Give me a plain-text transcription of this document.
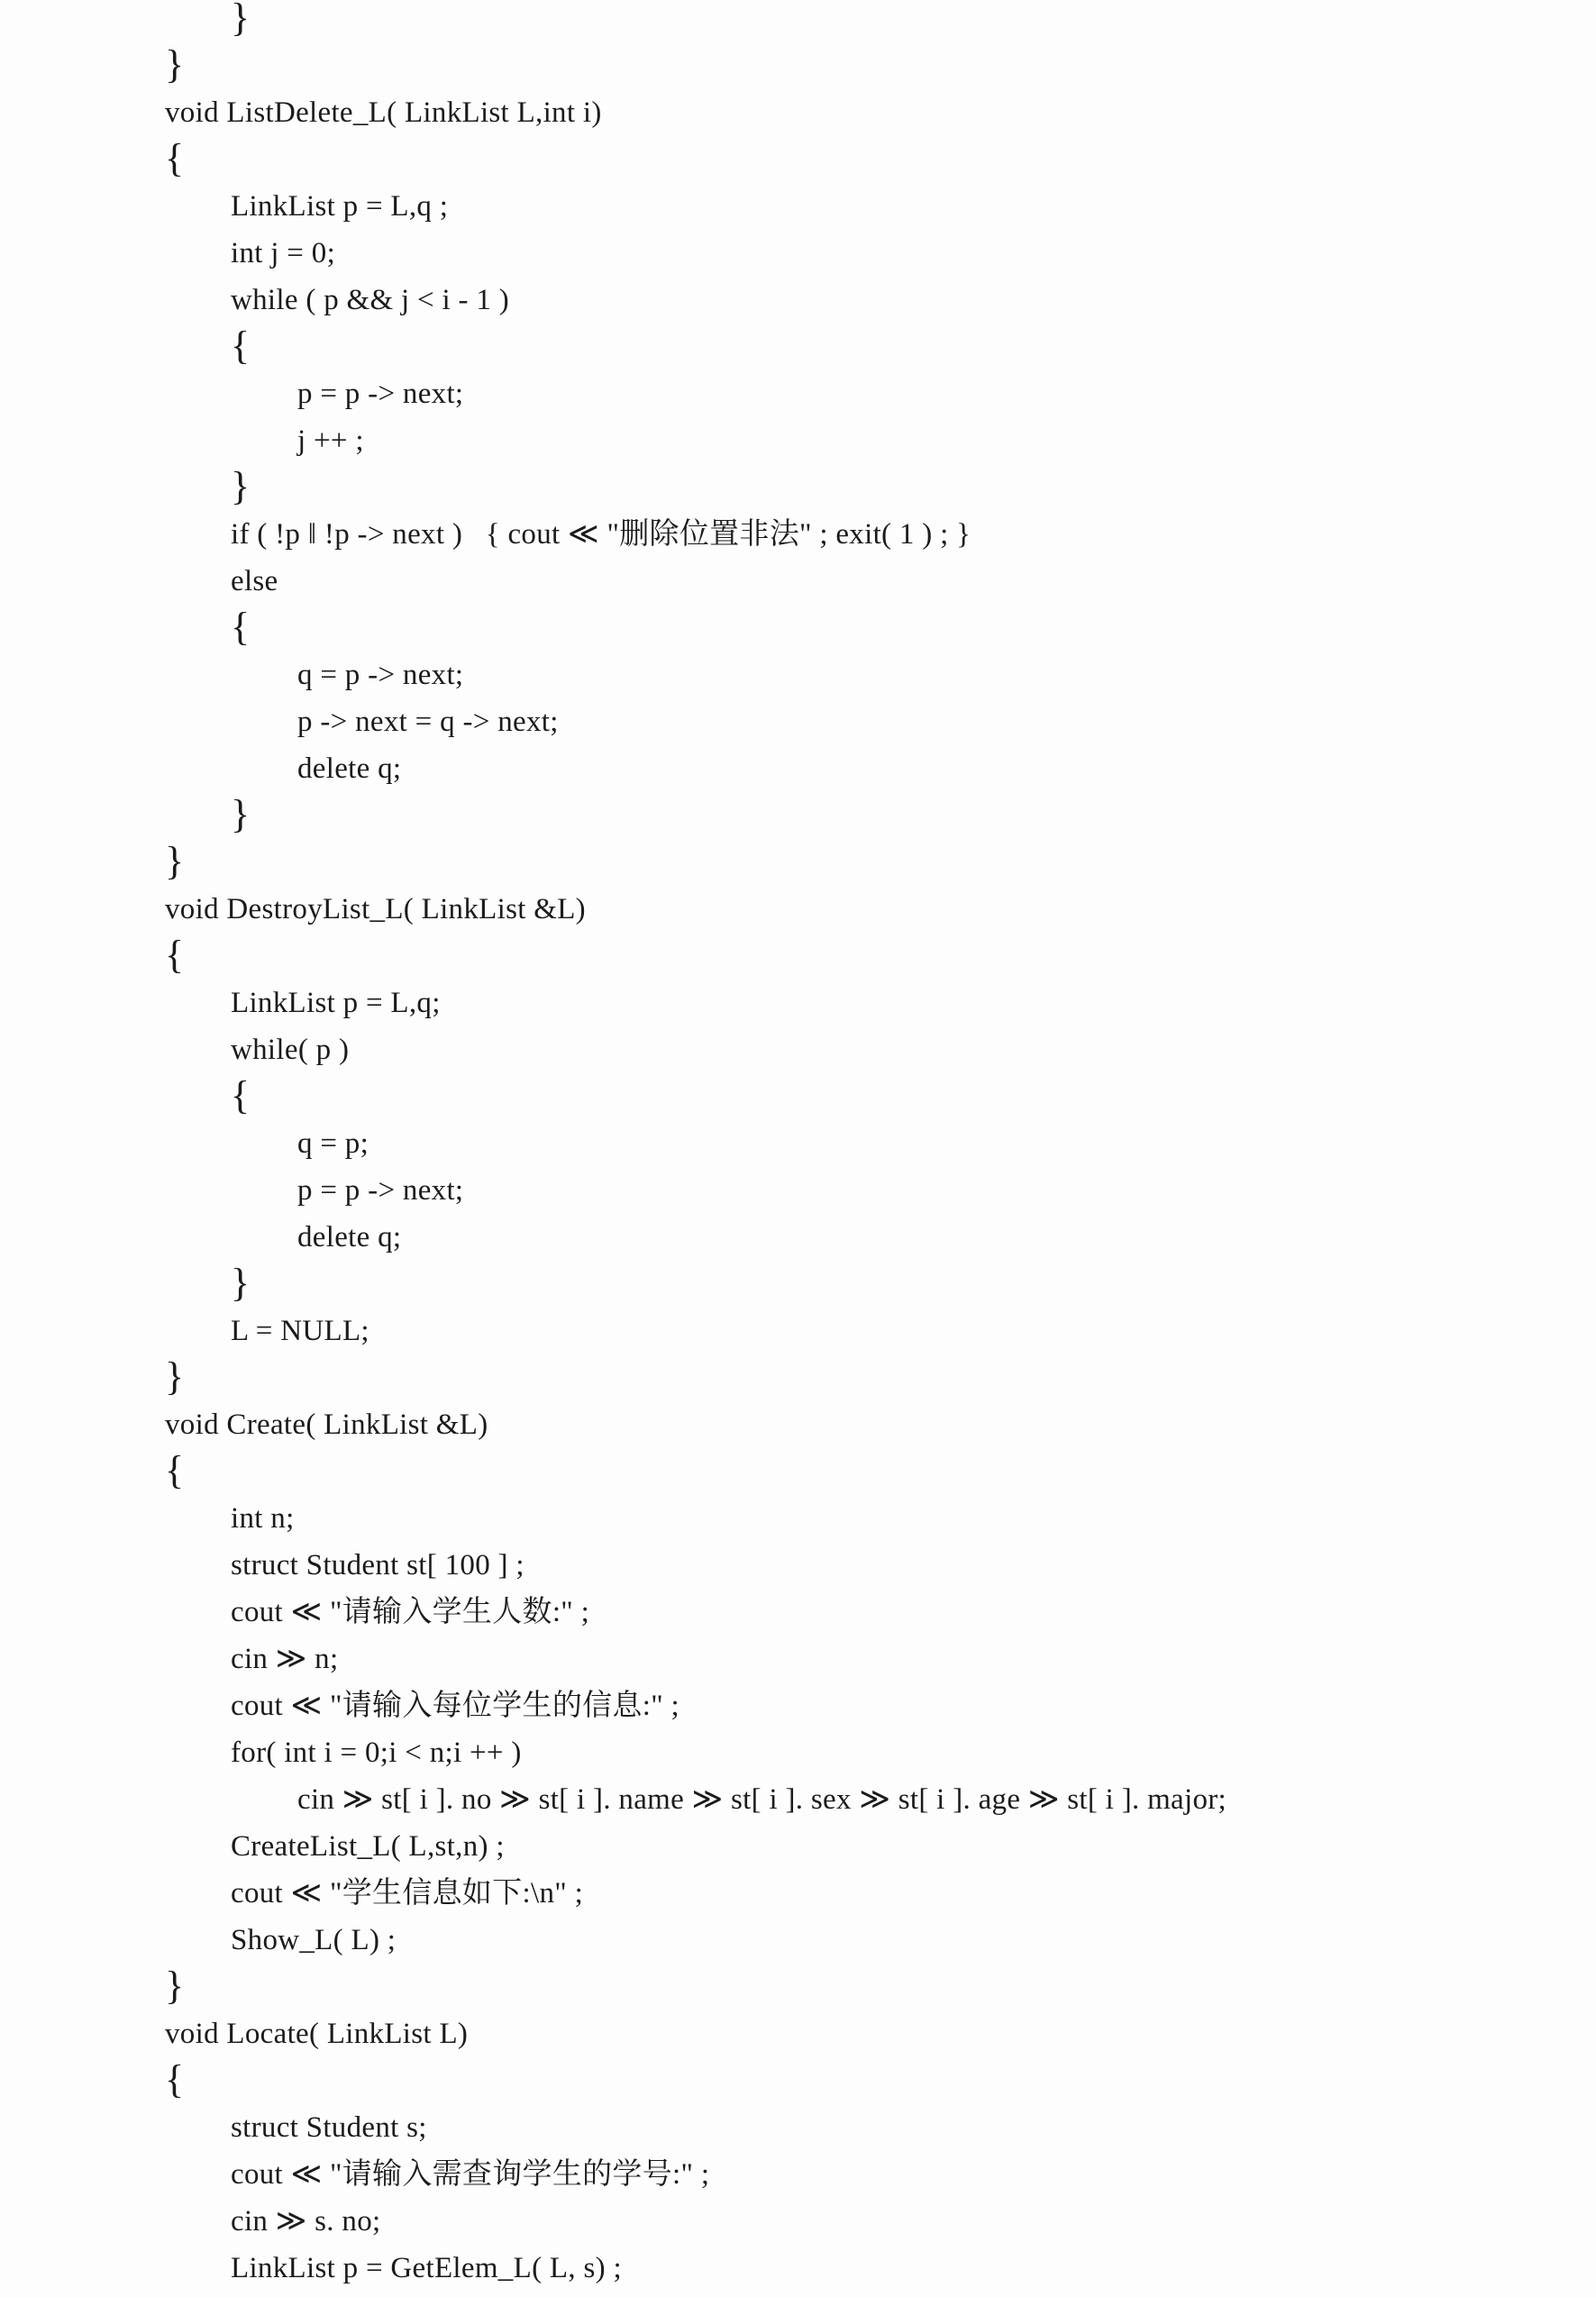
}
}
void ListDelete_L( LinkList L,int i)
{
LinkList p = L,q ;
int j = 0;
while ( p && j < i - 1 )
{
p = p -> next;
j ++ ;
}
if ( !p ‖ !p -> next )   { cout ≪ "删除位置非法" ; exit( 1 ) ; }
else
{
q = p -> next;
p -> next = q -> next;
delete q;
}
}
void DestroyList_L( LinkList &L)
{
LinkList p = L,q;
while( p )
{
q = p;
p = p -> next;
delete q;
}
L = NULL;
}
void Create( LinkList &L)
{
int n;
struct Student st[ 100 ] ;
cout ≪ "请输入学生人数:" ;
cin ≫ n;
cout ≪ "请输入每位学生的信息:" ;
for( int i = 0;i < n;i ++ )
cin ≫ st[ i ]. no ≫ st[ i ]. name ≫ st[ i ]. sex ≫ st[ i ]. age ≫ st[ i ]. major;
CreateList_L( L,st,n) ;
cout ≪ "学生信息如下:\n" ;
Show_L( L) ;
}
void Locate( LinkList L)
{
struct Student s;
cout ≪ "请输入需查询学生的学号:" ;
cin ≫ s. no;
LinkList p = GetElem_L( L, s) ;
